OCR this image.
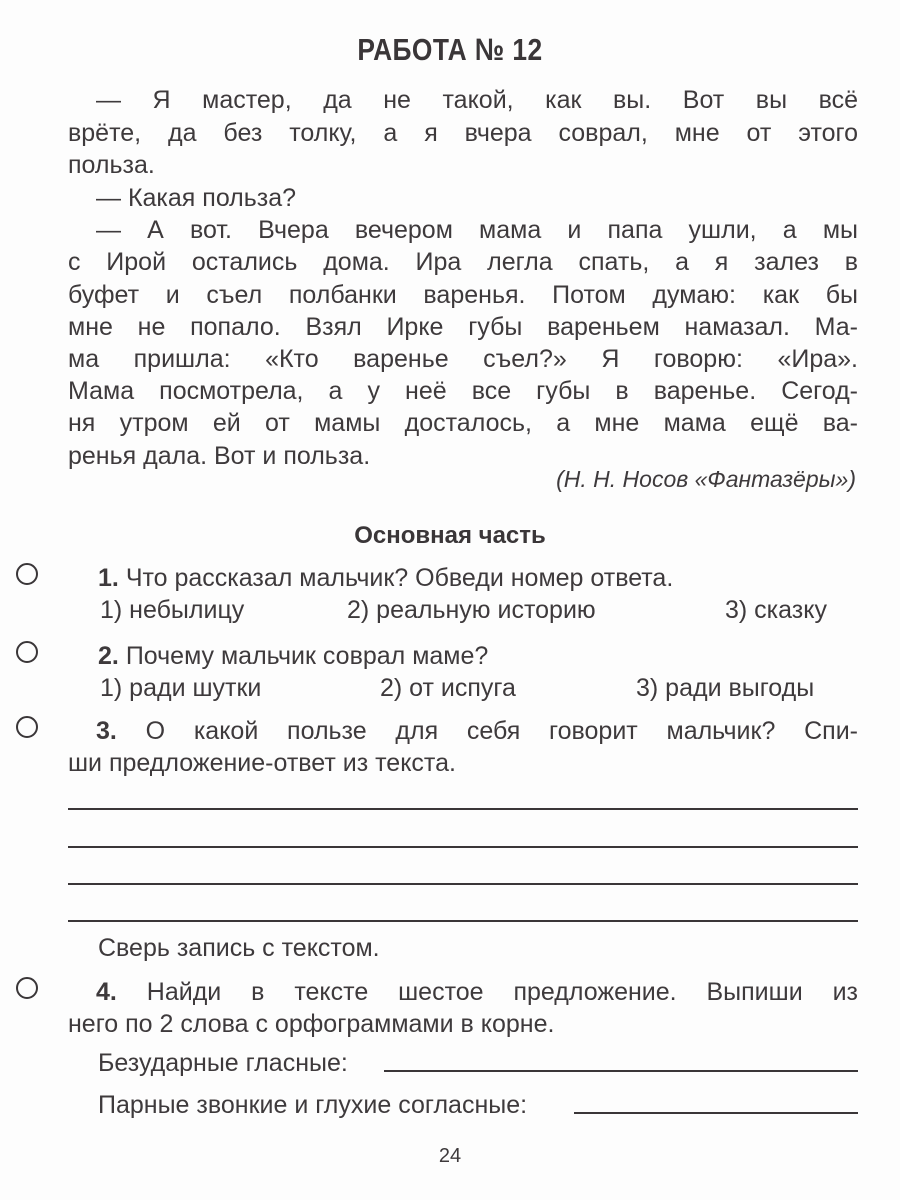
РАБОТА № 12
— Я мастер, да не такой, как вы. Вот вы всё
врёте, да без толку, а я вчера соврал, мне от этого
польза.
— Какая польза?
— А вот. Вчера вечером мама и папа ушли, а мы
с Ирой остались дома. Ира легла спать, а я залез в
буфет и съел полбанки варенья. Потом думаю: как бы
мне не попало. Взял Ирке губы вареньем намазал. Ма-
ма пришла: «Кто варенье съел?» Я говорю: «Ира».
Мама посмотрела, а у неё все губы в варенье. Сегод-
ня утром ей от мамы досталось, а мне мама ещё ва-
ренья дала. Вот и польза.
(Н. Н. Носов «Фантазёры»)
Основная часть
1. Что рассказал мальчик? Обведи номер ответа.
1) небылицу	2) реальную историю	3) сказку
2. Почему мальчик соврал маме?
1) ради шутки	2) от испуга	3) ради выгоды
3. О какой пользе для себя говорит мальчик? Спи-
ши предложение-ответ из текста.
Сверь запись с текстом.
4. Найди в тексте шестое предложение. Выпиши из
него по 2 слова с орфограммами в корне.
Безударные гласные:
Парные звонкие и глухие согласные:
24
